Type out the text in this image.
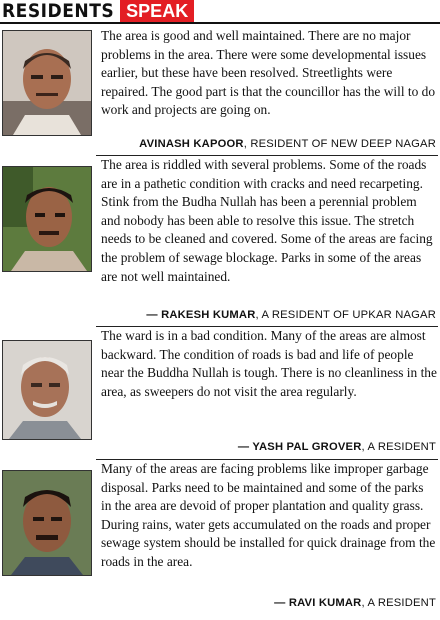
RESIDENTS SPEAK

The area is good and well maintained. There are no major problems in the area. There were some developmental issues earlier, but these have been resolved. Streetlights were repaired. The good part is that the councillor has the will to do work and projects are going on.

AVINASH KAPOOR, RESIDENT OF NEW DEEP NAGAR

The area is riddled with several problems. Some of the roads are in a pathetic condition with cracks and need recarpeting. Stink from the Budha Nullah has been a perennial problem and nobody has been able to resolve this issue. The stretch needs to be cleaned and covered. Some of the areas are facing the problem of sewage blockage. Parks in some of the areas are not well maintained.

— RAKESH KUMAR, A RESIDENT OF UPKAR NAGAR

The ward is in a bad condition. Many of the areas are almost backward. The condition of roads is bad and life of people near the Buddha Nullah is tough. There is no cleanliness in the area, as sweepers do not visit the area regularly.

— YASH PAL GROVER, A RESIDENT

Many of the areas are facing problems like improper garbage disposal. Parks need to be maintained and some of the parks in the area are devoid of proper plantation and quality grass. During rains, water gets accumulated on the roads and proper sewage system should be installed for quick drainage from the roads in the area.

— RAVI KUMAR, A RESIDENT
